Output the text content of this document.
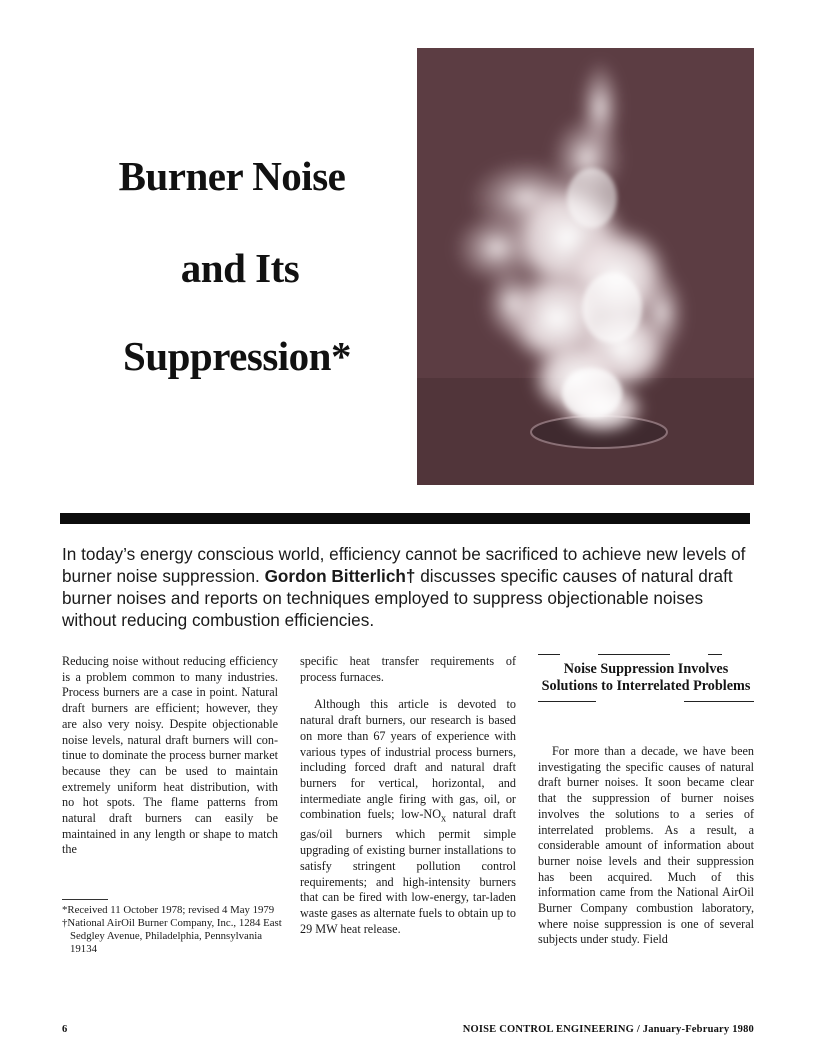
Burner Noise
and Its
Suppression*

In today’s energy conscious world, efficiency cannot be sacrificed to achieve new levels of burner noise suppression. Gordon Bitterlich† discusses specific causes of natural draft burner noises and reports on techniques employed to suppress objectionable noises without reducing combustion efficiencies.

Reducing noise without reducing efficiency is a problem common to many industries. Process burners are a case in point. Natural draft burners are efficient; however, they are also very noisy. Despite objectionable noise levels, natural draft burners will continue to dominate the process burner market because they can be used to maintain extremely uniform heat distribution, with no hot spots. The flame patterns from natural draft burners can easily be maintained in any length or shape to match the

*Received 11 October 1978; revised 4 May 1979

†National AirOil Burner Company, Inc., 1284 East Sedgley Avenue, Philadelphia, Pennsylvania 19134

specific heat transfer requirements of process furnaces.

Although this article is devoted to natural draft burners, our research is based on more than 67 years of experience with various types of industrial process burners, including forced draft and natural draft burners for vertical, horizontal, and intermediate angle firing with gas, oil, or combination fuels; low-$NO_x$ natural draft gas/oil burners which permit simple upgrading of existing burner installations to satisfy stringent pollution control requirements; and high-intensity burners that can be fired with low-energy, tar-laden waste gases as alternate fuels to obtain up to 29 MW heat release.

Noise Suppression Involves Solutions to Interrelated Problems

For more than a decade, we have been investigating the specific causes of natural draft burner noises. It soon became clear that the suppression of burner noises involves the solutions to a series of interrelated problems. As a result, a considerable amount of information about burner noise levels and their suppression has been acquired. Much of this information came from the National AirOil Burner Company combustion laboratory, where noise suppression is one of several subjects under study. Field

6	NOISE CONTROL ENGINEERING / January-February 1980
